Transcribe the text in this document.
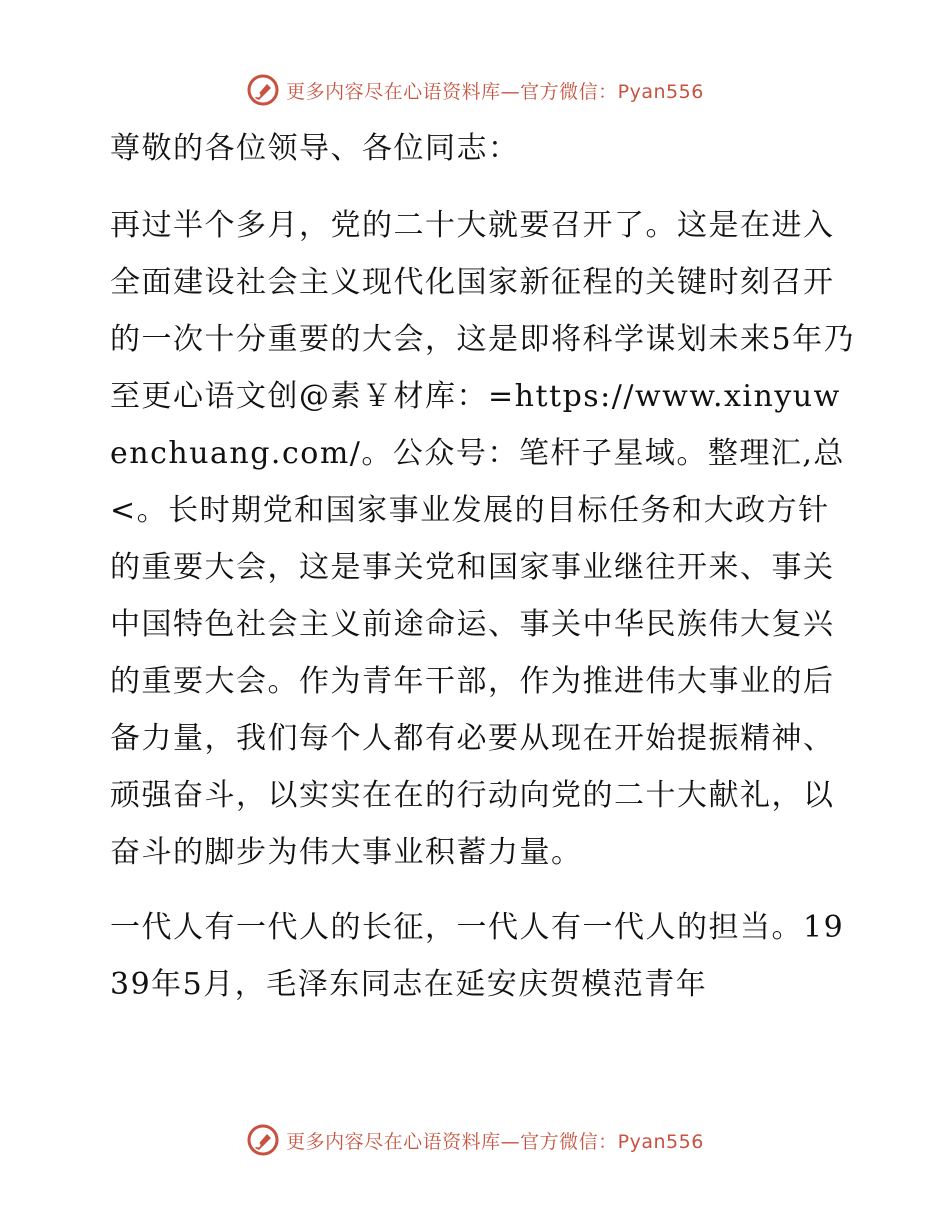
更多内容尽在心语资料库—官方微信：Pyan556

尊敬的各位领导、各位同志：

再过半个多月，党的二十大就要召开了。这是在进入全面建设社会主义现代化国家新征程的关键时刻召开的一次十分重要的大会，这是即将科学谋划未来5年乃至更心语文创@素￥材库：=https://www.xinyuwenchuang.com/。公众号：笔杆子星域。整理汇,总<。长时期党和国家事业发展的目标任务和大政方针的重要大会，这是事关党和国家事业继往开来、事关中国特色社会主义前途命运、事关中华民族伟大复兴的重要大会。作为青年干部，作为推进伟大事业的后备力量，我们每个人都有必要从现在开始提振精神、顽强奋斗，以实实在在的行动向党的二十大献礼，以奋斗的脚步为伟大事业积蓄力量。

一代人有一代人的长征，一代人有一代人的担当。1939年5月，毛泽东同志在延安庆贺模范青年

更多内容尽在心语资料库—官方微信：Pyan556
